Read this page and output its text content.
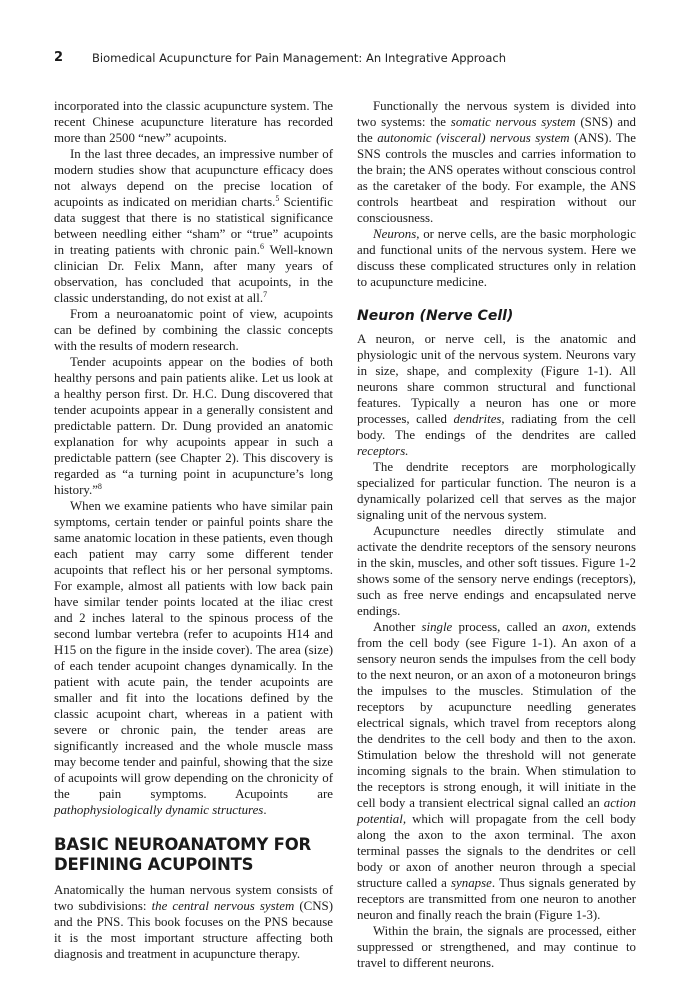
2	Biomedical Acupuncture for Pain Management: An Integrative Approach

incorporated into the classic acupuncture system. The recent Chinese acupuncture literature has recorded more than 2500 “new” acupoints.

In the last three decades, an impressive number of modern studies show that acupuncture efficacy does not always depend on the precise location of acupoints as indicated on meridian charts.$^5$ Scientific data suggest that there is no statistical significance between needling either “sham” or “true” acupoints in treating patients with chronic pain.$^6$ Well-known clinician Dr. Felix Mann, after many years of observation, has concluded that acupoints, in the classic understanding, do not exist at all.$^7$

From a neuroanatomic point of view, acupoints can be defined by combining the classic concepts with the results of modern research.

Tender acupoints appear on the bodies of both healthy persons and pain patients alike. Let us look at a healthy person first. Dr. H.C. Dung discovered that tender acupoints appear in a generally consistent and predictable pattern. Dr. Dung provided an anatomic explanation for why acupoints appear in such a predictable pattern (see Chapter 2). This discovery is regarded as “a turning point in acupuncture’s long history.”$^8$

When we examine patients who have similar pain symptoms, certain tender or painful points share the same anatomic location in these patients, even though each patient may carry some different tender acupoints that reflect his or her personal symptoms. For example, almost all patients with low back pain have similar tender points located at the iliac crest and 2 inches lateral to the spinous process of the second lumbar vertebra (refer to acupoints H14 and H15 on the figure in the inside cover). The area (size) of each tender acupoint changes dynamically. In the patient with acute pain, the tender acupoints are smaller and fit into the locations defined by the classic acupoint chart, whereas in a patient with severe or chronic pain, the tender areas are significantly increased and the whole muscle mass may become tender and painful, showing that the size of acupoints will grow depending on the chronicity of the pain symptoms. Acupoints are pathophysiologically dynamic structures.

BASIC NEUROANATOMY FOR
DEFINING ACUPOINTS

Anatomically the human nervous system consists of two subdivisions: the central nervous system (CNS) and the PNS. This book focuses on the PNS because it is the most important structure affecting both diagnosis and treatment in acupuncture therapy.

Functionally the nervous system is divided into two systems: the somatic nervous system (SNS) and the autonomic (visceral) nervous system (ANS). The SNS controls the muscles and carries information to the brain; the ANS operates without conscious control as the caretaker of the body. For example, the ANS controls heartbeat and respiration without our consciousness.

Neurons, or nerve cells, are the basic morphologic and functional units of the nervous system. Here we discuss these complicated structures only in relation to acupuncture medicine.

Neuron (Nerve Cell)

A neuron, or nerve cell, is the anatomic and physiologic unit of the nervous system. Neurons vary in size, shape, and complexity (Figure 1-1). All neurons share common structural and functional features. Typically a neuron has one or more processes, called dendrites, radiating from the cell body. The endings of the dendrites are called receptors.

The dendrite receptors are morphologically specialized for particular function. The neuron is a dynamically polarized cell that serves as the major signaling unit of the nervous system.

Acupuncture needles directly stimulate and activate the dendrite receptors of the sensory neurons in the skin, muscles, and other soft tissues. Figure 1-2 shows some of the sensory nerve endings (receptors), such as free nerve endings and encapsulated nerve endings.

Another single process, called an axon, extends from the cell body (see Figure 1-1). An axon of a sensory neuron sends the impulses from the cell body to the next neuron, or an axon of a motoneuron brings the impulses to the muscles. Stimulation of the receptors by acupuncture needling generates electrical signals, which travel from receptors along the dendrites to the cell body and then to the axon. Stimulation below the threshold will not generate incoming signals to the brain. When stimulation to the receptors is strong enough, it will initiate in the cell body a transient electrical signal called an action potential, which will propagate from the cell body along the axon to the axon terminal. The axon terminal passes the signals to the dendrites or cell body or axon of another neuron through a special structure called a synapse. Thus signals generated by receptors are transmitted from one neuron to another neuron and finally reach the brain (Figure 1-3).

Within the brain, the signals are processed, either suppressed or strengthened, and may continue to travel to different neurons.
